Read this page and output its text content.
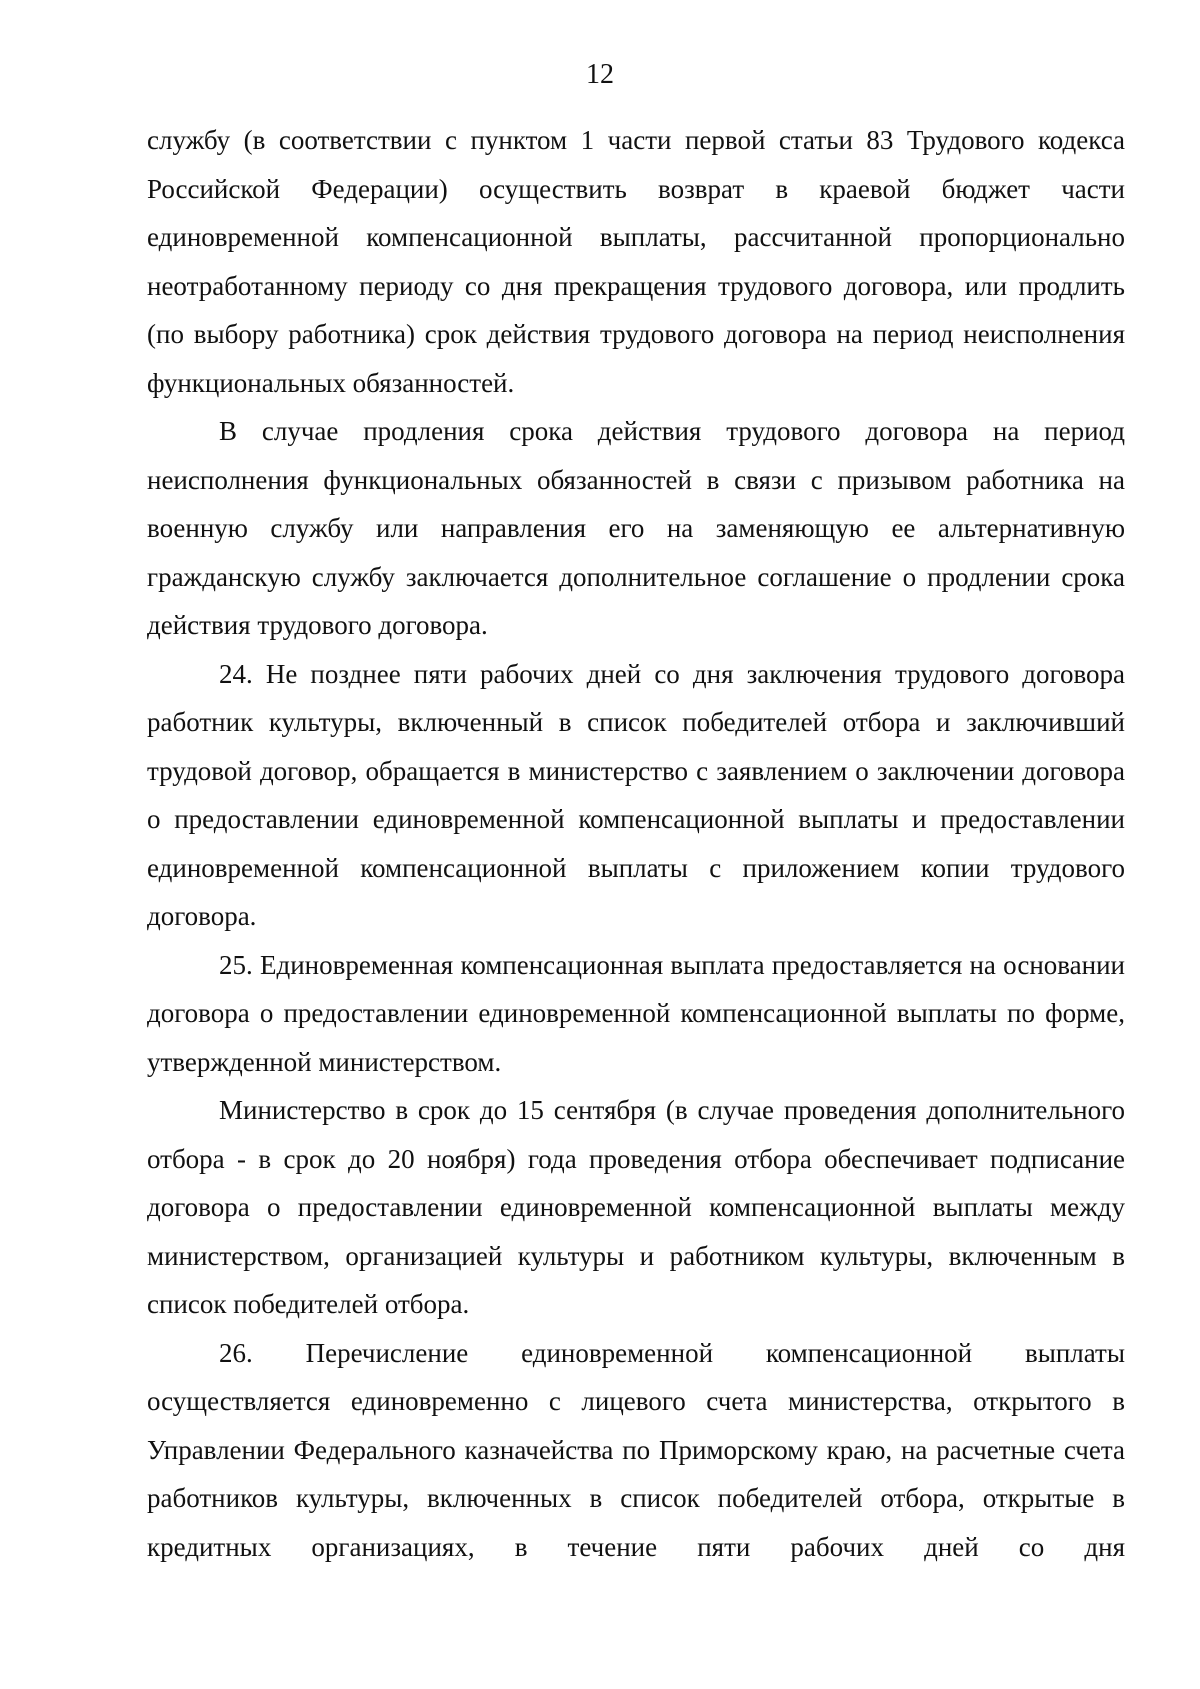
12

службу (в соответствии с пунктом 1 части первой статьи 83 Трудового кодекса Российской Федерации) осуществить возврат в краевой бюджет части единовременной компенсационной выплаты, рассчитанной пропорционально неотработанному периоду со дня прекращения трудового договора, или продлить (по выбору работника) срок действия трудового договора на период неисполнения функциональных обязанностей.

В случае продления срока действия трудового договора на период неисполнения функциональных обязанностей в связи с призывом работника на военную службу или направления его на заменяющую ее альтернативную гражданскую службу заключается дополнительное соглашение о продлении срока действия трудового договора.

24. Не позднее пяти рабочих дней со дня заключения трудового договора работник культуры, включенный в список победителей отбора и заключивший трудовой договор, обращается в министерство с заявлением о заключении договора о предоставлении единовременной компенсационной выплаты и предоставлении единовременной компенсационной выплаты с приложением копии трудового договора.

25. Единовременная компенсационная выплата предоставляется на основании договора о предоставлении единовременной компенсационной выплаты по форме, утвержденной министерством.

Министерство в срок до 15 сентября (в случае проведения дополнительного отбора - в срок до 20 ноября) года проведения отбора обеспечивает подписание договора о предоставлении единовременной компенсационной выплаты между министерством, организацией культуры и работником культуры, включенным в список победителей отбора.

26. Перечисление единовременной компенсационной выплаты осуществляется единовременно с лицевого счета министерства, открытого в Управлении Федерального казначейства по Приморскому краю, на расчетные счета работников культуры, включенных в список победителей отбора, открытые в кредитных организациях, в течение пяти рабочих дней со дня
